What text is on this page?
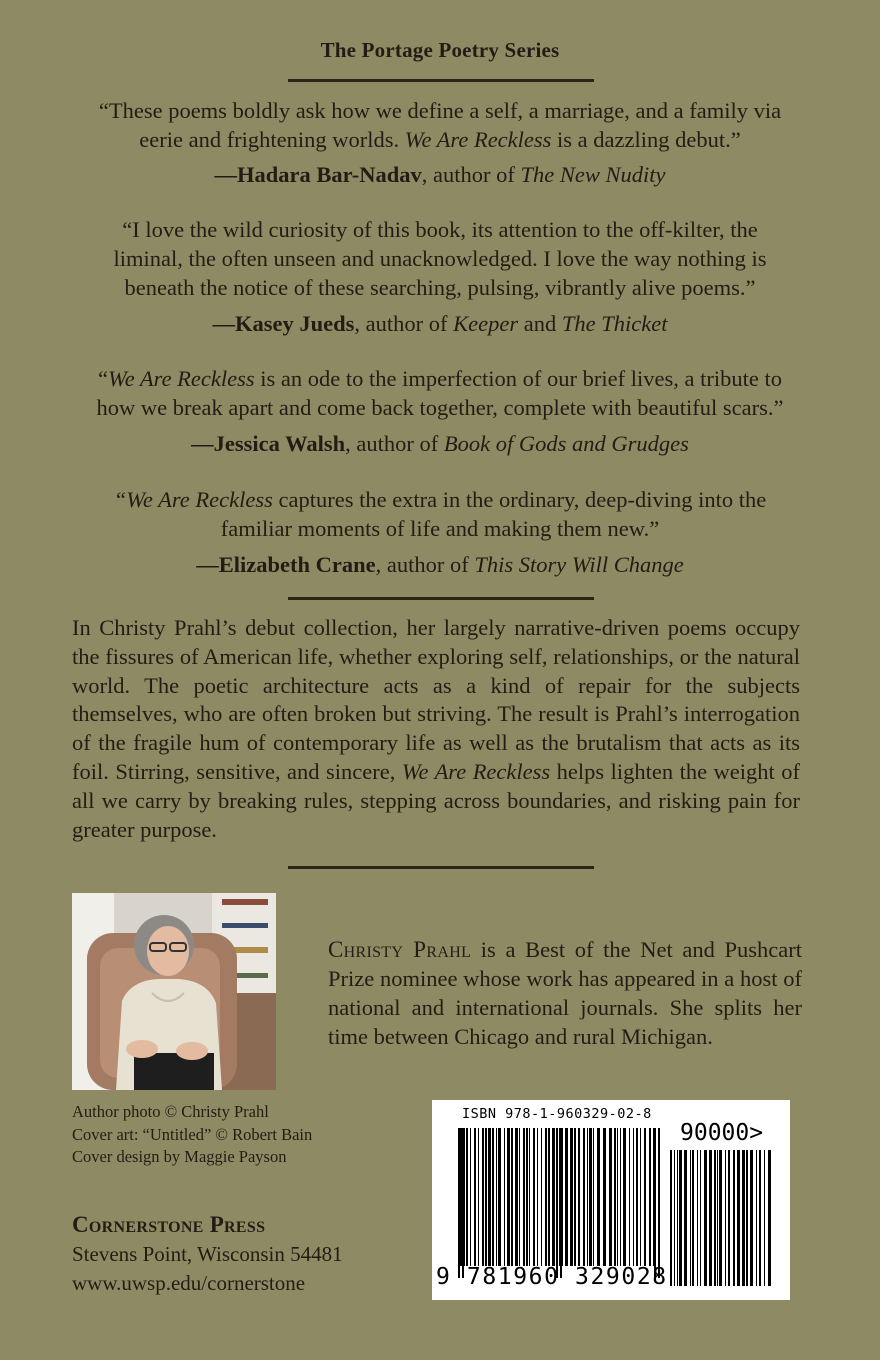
The Portage Poetry Series
“These poems boldly ask how we define a self, a marriage, and a family via
eerie and frightening worlds. We Are Reckless is a dazzling debut.”
—Hadara Bar-Nadav, author of The New Nudity
“I love the wild curiosity of this book, its attention to the off-kilter, the
liminal, the often unseen and unacknowledged. I love the way nothing is
beneath the notice of these searching, pulsing, vibrantly alive poems.”
—Kasey Jueds, author of Keeper and The Thicket
“We Are Reckless is an ode to the imperfection of our brief lives, a tribute to
how we break apart and come back together, complete with beautiful scars.”
—Jessica Walsh, author of Book of Gods and Grudges
“We Are Reckless captures the extra in the ordinary, deep-diving into the
familiar moments of life and making them new.”
—Elizabeth Crane, author of This Story Will Change
In Christy Prahl’s debut collection, her largely narrative-driven poems occupy the fissures of American life, whether exploring self, relationships, or the natural world. The poetic architecture acts as a kind of repair for the subjects themselves, who are often broken but striving. The result is Prahl’s interrogation of the fragile hum of contemporary life as well as the brutalism that acts as its foil. Stirring, sensitive, and sincere, We Are Reckless helps lighten the weight of all we carry by breaking rules, stepping across boundaries, and risking pain for greater purpose.
Christy Prahl is a Best of the Net and Pushcart Prize nominee whose work has appeared in a host of national and international journals. She splits her time between Chicago and rural Michigan.
Author photo © Christy Prahl
Cover art: “Untitled” © Robert Bain
Cover design by Maggie Payson
Cornerstone Press
Stevens Point, Wisconsin 54481
www.uwsp.edu/cornerstone
ISBN 978-1-960329-02-8
90000>
9 781960 329028
